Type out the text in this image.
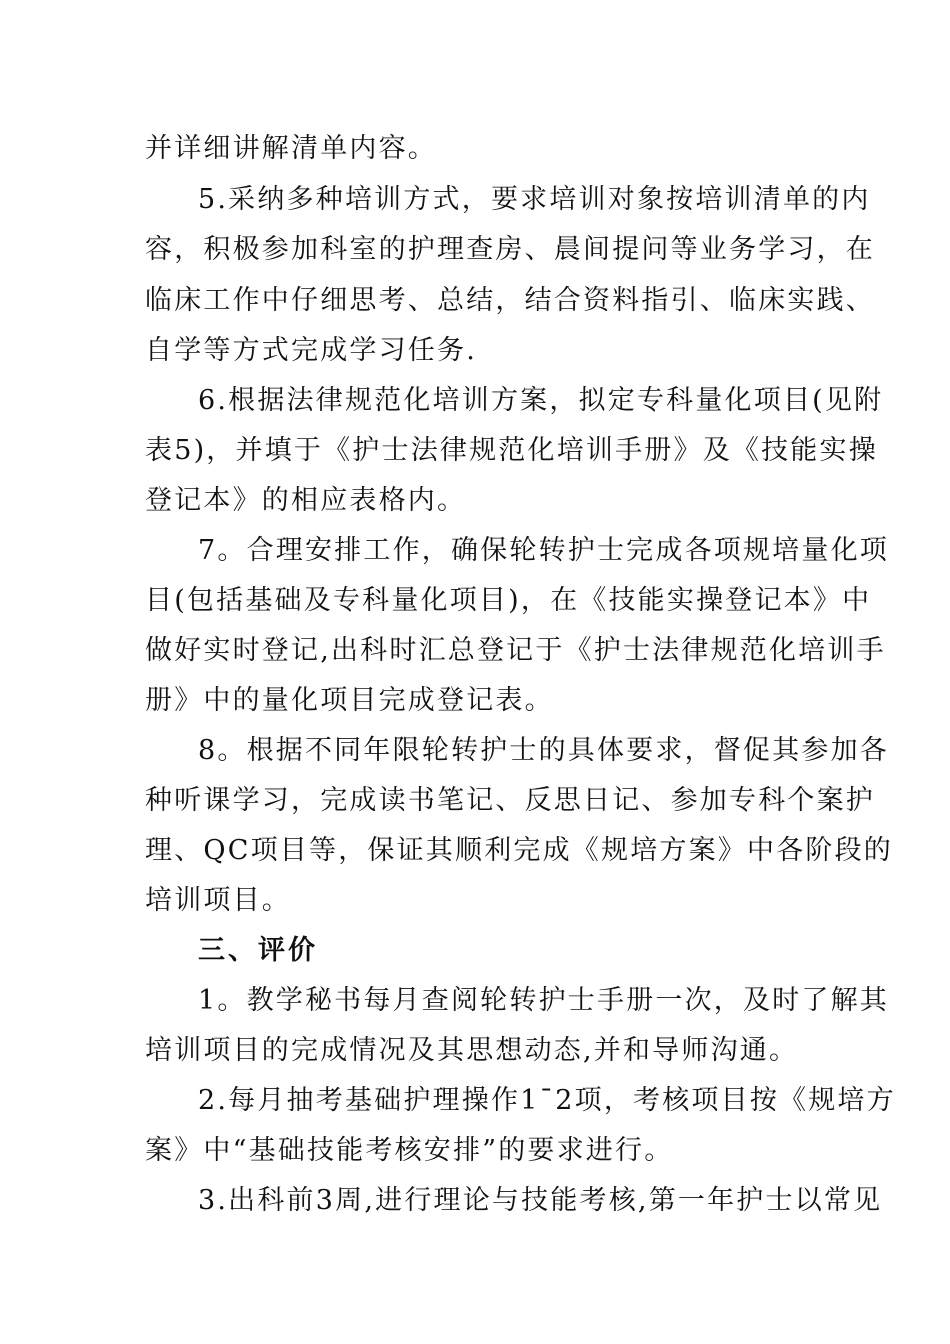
并详细讲解清单内容。
5.采纳多种培训方式，要求培训对象按培训清单的内
容，积极参加科室的护理查房、晨间提问等业务学习，在
临床工作中仔细思考、总结，结合资料指引、临床实践、
自学等方式完成学习任务.
6.根据法律规范化培训方案，拟定专科量化项目(见附
表5)，并填于《护士法律规范化培训手册》及《技能实操
登记本》的相应表格内。
7。合理安排工作，确保轮转护士完成各项规培量化项
目(包括基础及专科量化项目)，在《技能实操登记本》中
做好实时登记,出科时汇总登记于《护士法律规范化培训手
册》中的量化项目完成登记表。
8。根据不同年限轮转护士的具体要求，督促其参加各
种听课学习，完成读书笔记、反思日记、参加专科个案护
理、QC项目等，保证其顺利完成《规培方案》中各阶段的
培训项目。
三、评价
1。教学秘书每月查阅轮转护士手册一次，及时了解其
培训项目的完成情况及其思想动态,并和导师沟通。
2.每月抽考基础护理操作1¯2项，考核项目按《规培方
案》中“基础技能考核安排”的要求进行。
3.出科前3周,进行理论与技能考核,第一年护士以常见
